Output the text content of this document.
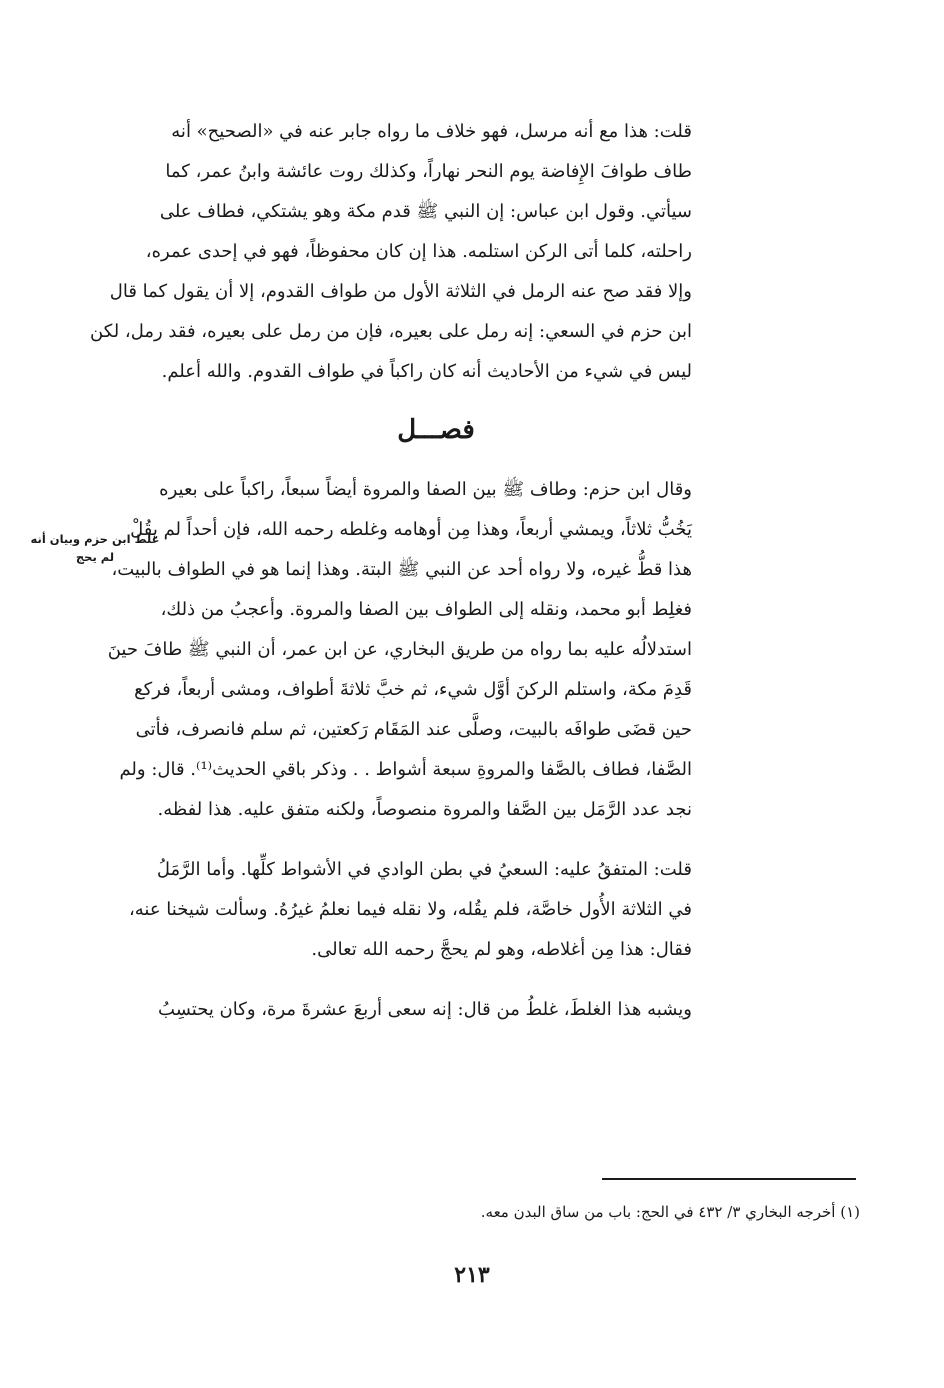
قلت: هذا مع أنه مرسل، فهو خلاف ما رواه جابر عنه في «الصحيح» أنه
طاف طوافَ الإِفاضة يوم النحر نهاراً، وكذلك روت عائشة وابنُ عمر، كما
سيأتي. وقول ابن عباس: إن النبي ﷺ قدم مكة وهو يشتكي، فطاف على
راحلته، كلما أتى الركن استلمه. هذا إن كان محفوظاً، فهو في إحدى عمره،
وإلا فقد صح عنه الرمل في الثلاثة الأول من طواف القدوم، إلا أن يقول كما قال
ابن حزم في السعي: إنه رمل على بعيره، فإن من رمل على بعيره، فقد رمل، لكن
ليس في شيء من الأحاديث أنه كان راكباً في طواف القدوم. والله أعلم.
فصـــل
وقال ابن حزم: وطاف ﷺ بين الصفا والمروة أيضاً سبعاً، راكباً على بعيره
يَخُبُّ ثلاثاً، ويمشي أربعاً، وهذا مِن أوهامه وغلطه رحمه الله، فإن أحداً لم يقُلْ
هذا قطُّ غيره، ولا رواه أحد عن النبي ﷺ البتة. وهذا إنما هو في الطواف بالبيت،
فغلِط أبو محمد، ونقله إلى الطواف بين الصفا والمروة. وأعجبُ من ذلك،
استدلالُه عليه بما رواه من طريق البخاري، عن ابن عمر، أن النبي ﷺ طافَ حينَ
قَدِمَ مكة، واستلم الركنَ أوَّل شيء، ثم خبَّ ثلاثةَ أطواف، ومشى أربعاً، فركع
حين قضَى طوافَه بالبيت، وصلَّى عند المَقَام رَكعتين، ثم سلم فانصرف، فأتى
الصَّفا، فطاف بالصَّفا والمروةِ سبعة أشواط . . وذكر باقي الحديث⁽¹⁾. قال: ولم
نجد عدد الرَّمَل بين الصَّفا والمروة منصوصاً، ولكنه متفق عليه. هذا لفظه.
قلت: المتفقُ عليه: السعيُ في بطن الوادي في الأشواط كلِّها. وأما الرَّمَلُ
في الثلاثة الأُول خاصَّة، فلم يقُله، ولا نقله فيما نعلمُ غيرُهُ. وسألت شيخنا عنه،
فقال: هذا مِن أغلاطه، وهو لم يحجَّ رحمه الله تعالى.
ويشبه هذا الغلطَ، غلطُ من قال: إنه سعى أربعَ عشرةَ مرة، وكان يحتسِبُ
غلط ابن حزم وبيان أنه
لم يحج
(١) أخرجه البخاري ٣/ ٤٣٢ في الحج: باب من ساق البدن معه.
٢١٣
